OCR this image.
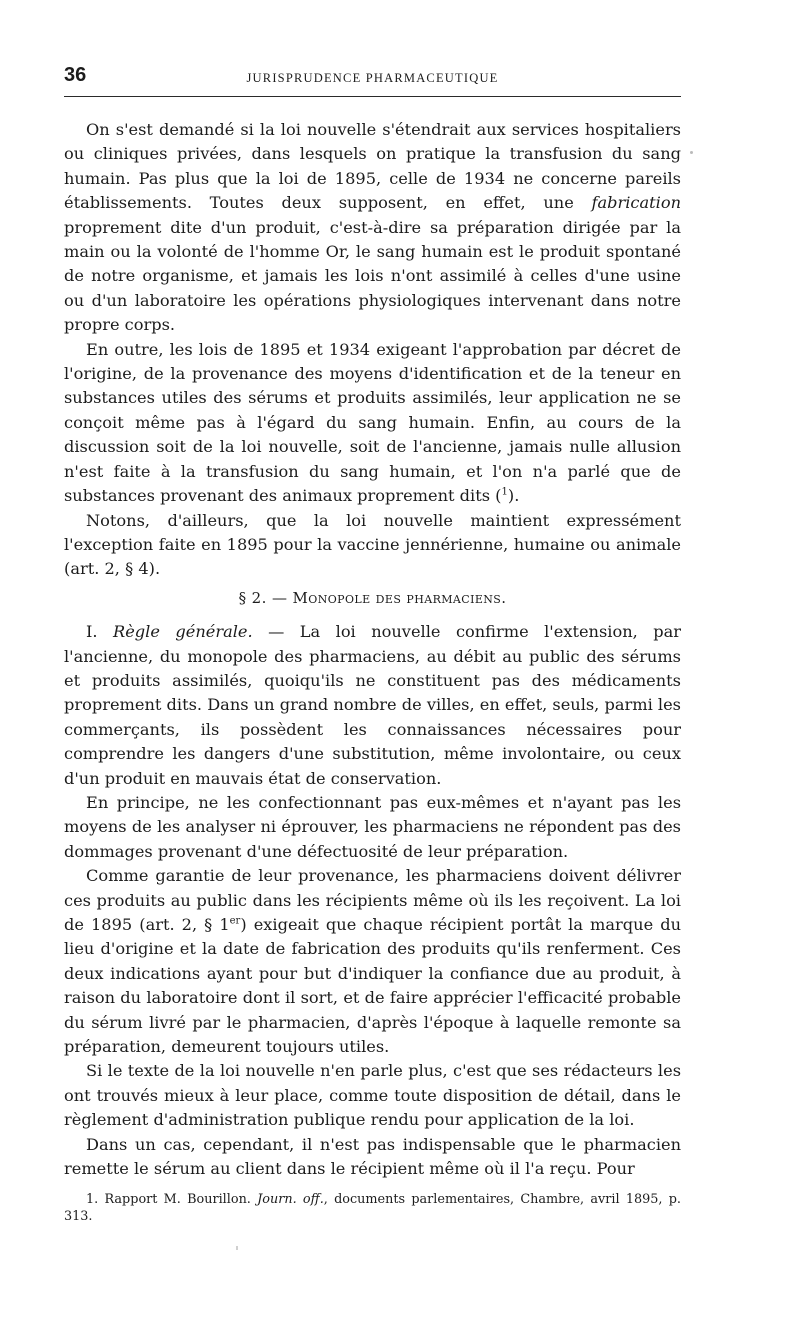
36	JURISPRUDENCE PHARMACEUTIQUE

On s'est demandé si la loi nouvelle s'étendrait aux services hospitaliers ou cliniques privées, dans lesquels on pratique la transfusion du sang humain. Pas plus que la loi de 1895, celle de 1934 ne concerne pareils établissements. Toutes deux supposent, en effet, une fabrication proprement dite d'un produit, c'est-à-dire sa préparation dirigée par la main ou la volonté de l'homme Or, le sang humain est le produit spontané de notre organisme, et jamais les lois n'ont assimilé à celles d'une usine ou d'un laboratoire les opérations physiologiques intervenant dans notre propre corps.

En outre, les lois de 1895 et 1934 exigeant l'approbation par décret de l'origine, de la provenance des moyens d'identification et de la teneur en substances utiles des sérums et produits assimilés, leur application ne se conçoit même pas à l'égard du sang humain. Enfin, au cours de la discussion soit de la loi nouvelle, soit de l'ancienne, jamais nulle allusion n'est faite à la transfusion du sang humain, et l'on n'a parlé que de substances provenant des animaux proprement dits ($^1$).

Notons, d'ailleurs, que la loi nouvelle maintient expressément l'exception faite en 1895 pour la vaccine jennérienne, humaine ou animale (art. 2, § 4).

§ 2. — Monopole des pharmaciens.

I. Règle générale. — La loi nouvelle confirme l'extension, par l'ancienne, du monopole des pharmaciens, au débit au public des sérums et produits assimilés, quoiqu'ils ne constituent pas des médicaments proprement dits. Dans un grand nombre de villes, en effet, seuls, parmi les commerçants, ils possèdent les connaissances nécessaires pour comprendre les dangers d'une substitution, même involontaire, ou ceux d'un produit en mauvais état de conservation.

En principe, ne les confectionnant pas eux-mêmes et n'ayant pas les moyens de les analyser ni éprouver, les pharmaciens ne répondent pas des dommages provenant d'une défectuosité de leur préparation.

Comme garantie de leur provenance, les pharmaciens doivent délivrer ces produits au public dans les récipients même où ils les reçoivent. La loi de 1895 (art. 2, § 1er) exigeait que chaque récipient portât la marque du lieu d'origine et la date de fabrication des produits qu'ils renferment. Ces deux indications ayant pour but d'indiquer la confiance due au produit, à raison du laboratoire dont il sort, et de faire apprécier l'efficacité probable du sérum livré par le pharmacien, d'après l'époque à laquelle remonte sa préparation, demeurent toujours utiles.

Si le texte de la loi nouvelle n'en parle plus, c'est que ses rédacteurs les ont trouvés mieux à leur place, comme toute disposition de détail, dans le règlement d'administration publique rendu pour application de la loi.

Dans un cas, cependant, il n'est pas indispensable que le pharmacien remette le sérum au client dans le récipient même où il l'a reçu. Pour

1. Rapport M. Bourillon. Journ. off., documents parlementaires, Chambre, avril 1895, p. 313.
